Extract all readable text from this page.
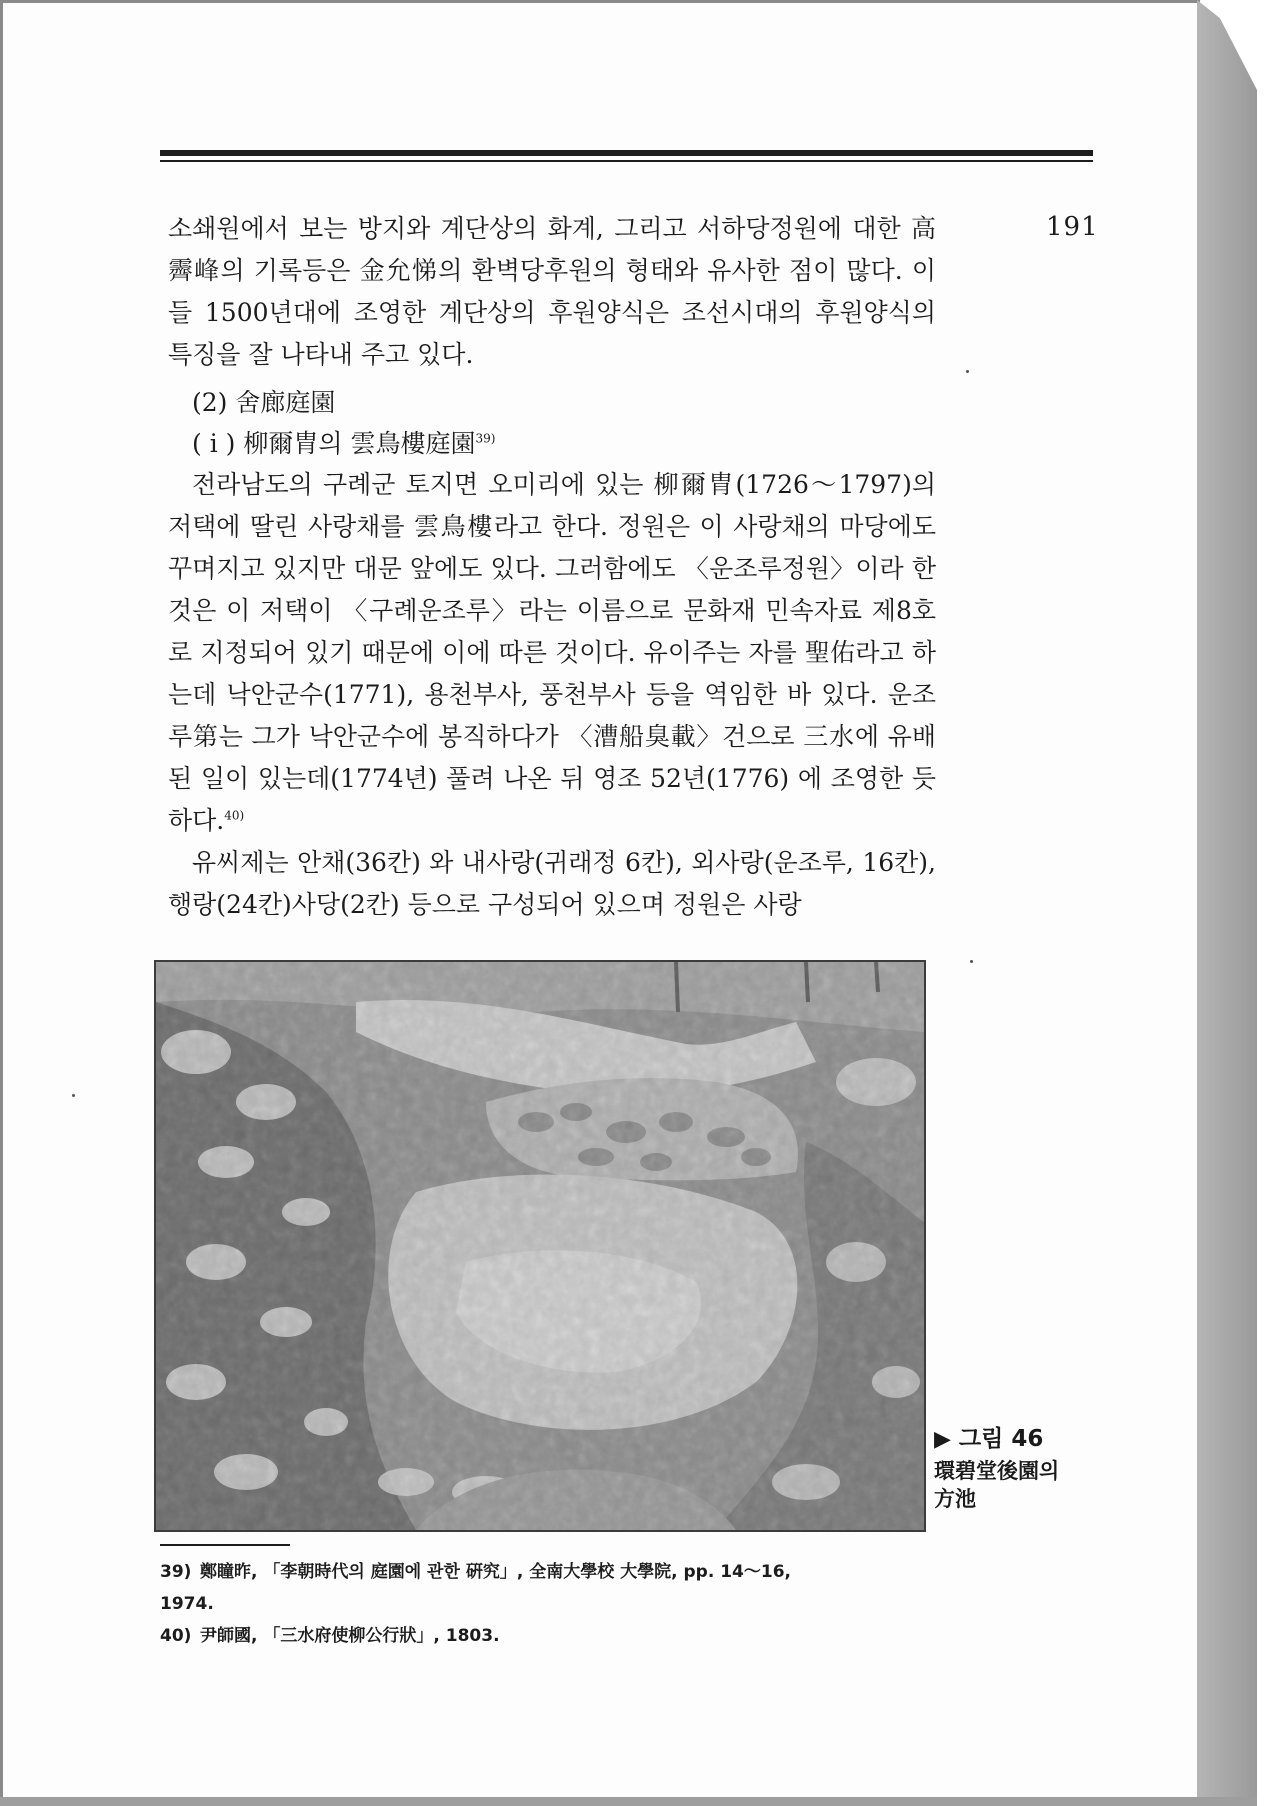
191

소쇄원에서 보는 방지와 계단상의 화계, 그리고 서하당정원에 대한 高霽峰의 기록등은 金允悌의 환벽당후원의 형태와 유사한 점이 많다. 이들 1500년대에 조영한 계단상의 후원양식은 조선시대의 후원양식의 특징을 잘 나타내 주고 있다.

(2) 舍廊庭園
( i ) 柳爾胄의 雲鳥樓庭園$^{39)}$

전라남도의 구례군 토지면 오미리에 있는 柳爾胄(1726～1797)의 저택에 딸린 사랑채를 雲鳥樓라고 한다. 정원은 이 사랑채의 마당에도 꾸며지고 있지만 대문 앞에도 있다. 그러함에도 〈운조루정원〉이라 한 것은 이 저택이 〈구례운조루〉라는 이름으로 문화재 민속자료 제8호로 지정되어 있기 때문에 이에 따른 것이다. 유이주는 자를 聖佑라고 하는데 낙안군수(1771), 용천부사, 풍천부사 등을 역임한 바 있다. 운조루第는 그가 낙안군수에 봉직하다가 〈漕船臭載〉건으로 三水에 유배된 일이 있는데(1774년) 풀려 나온 뒤 영조 52년(1776) 에 조영한 듯하다.$^{40)}$

유씨제는 안채(36칸) 와 내사랑(귀래정 6칸), 외사랑(운조루, 16칸), 행랑(24칸)사당(2칸) 등으로 구성되어 있으며 정원은 사랑

▶ 그림 46
環碧堂後園의
方池

39) 鄭瞳昨, 「李朝時代의 庭園에 관한 硏究」, 全南大學校 大學院, pp. 14～16,

1974.

40) 尹師國, 「三水府使柳公行狀」, 1803.
